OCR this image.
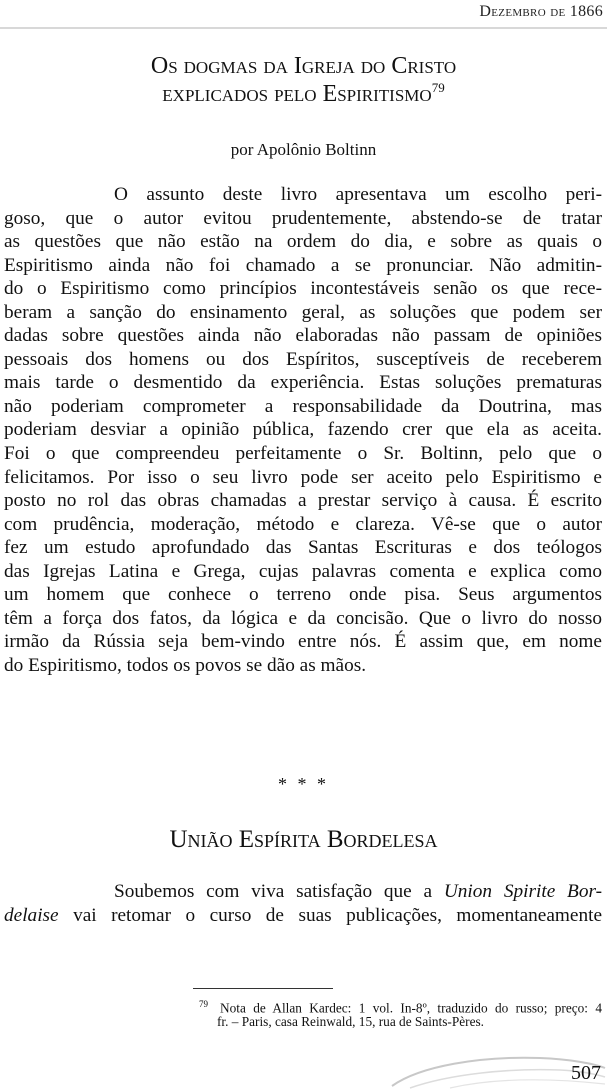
Dezembro de 1866
Os dogmas da Igreja do Cristo
explicados pelo Espiritismo$^{79}$
por Apolônio Boltinn
O assunto deste livro apresentava um escolho peri-
goso, que o autor evitou prudentemente, abstendo-se de tratar
as questões que não estão na ordem do dia, e sobre as quais o
Espiritismo ainda não foi chamado a se pronunciar. Não admitin-
do o Espiritismo como princípios incontestáveis senão os que rece-
beram a sanção do ensinamento geral, as soluções que podem ser
dadas sobre questões ainda não elaboradas não passam de opiniões
pessoais dos homens ou dos Espíritos, susceptíveis de receberem
mais tarde o desmentido da experiência. Estas soluções prematuras
não poderiam comprometer a responsabilidade da Doutrina, mas
poderiam desviar a opinião pública, fazendo crer que ela as aceita.
Foi o que compreendeu perfeitamente o Sr. Boltinn, pelo que o
felicitamos. Por isso o seu livro pode ser aceito pelo Espiritismo e
posto no rol das obras chamadas a prestar serviço à causa. É escrito
com prudência, moderação, método e clareza. Vê-se que o autor
fez um estudo aprofundado das Santas Escrituras e dos teólogos
das Igrejas Latina e Grega, cujas palavras comenta e explica como
um homem que conhece o terreno onde pisa. Seus argumentos
têm a força dos fatos, da lógica e da concisão. Que o livro do nosso
irmão da Rússia seja bem-vindo entre nós. É assim que, em nome
do Espiritismo, todos os povos se dão as mãos.
* * *
União Espírita Bordelesa
Soubemos com viva satisfação que a Union Spirite Bor-
delaise vai retomar o curso de suas publicações, momentaneamente
$^{79}$ Nota de Allan Kardec: 1 vol. In-8º, traduzido do russo; preço: 4
fr. – Paris, casa Reinwald, 15, rua de Saints-Pères.
507
